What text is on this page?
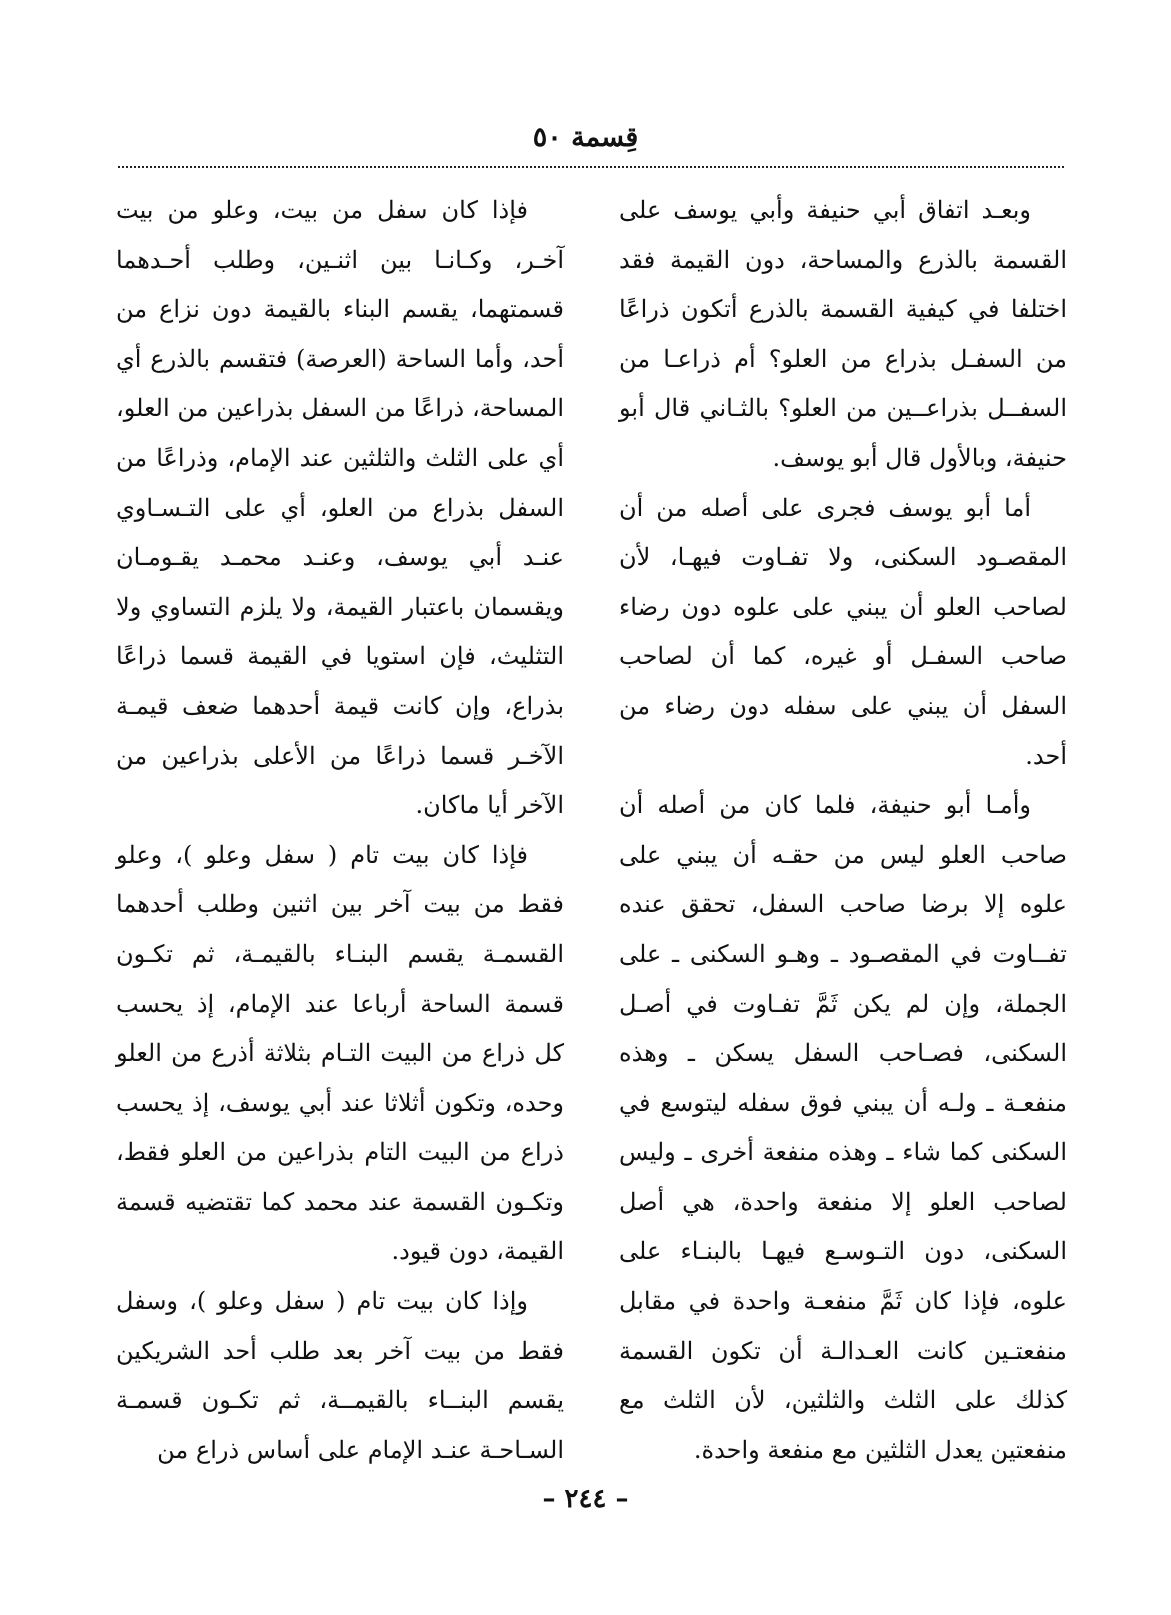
قِسمة ٥٠

وبعـد اتفاق أبي حنيفة وأبي يوسف على القسمة بالذرع والمساحة، دون القيمة فقد اختلفا في كيفية القسمة بالذرع أتكون ذراعًا من السفـل بذراع من العلو؟ أم ذراعـا من السفــل بذراعــين من العلو؟ بالثـاني قال أبو حنيفة، وبالأول قال أبو يوسف.

أما أبو يوسف فجرى على أصله من أن المقصـود السكنى، ولا تفـاوت فيهـا، لأن لصاحب العلو أن يبني على علوه دون رضاء صاحب السفـل أو غيره، كما أن لصاحب السفل أن يبني على سفله دون رضاء من أحد.

وأمـا أبو حنيفة، فلما كان من أصله أن صاحب العلو ليس من حقـه أن يبني على علوه إلا برضا صاحب السفل، تحقق عنده تفــاوت في المقصـود ـ وهـو السكنى ـ على الجملة، وإن لم يكن ثَمَّ تفـاوت في أصـل السكنى، فصـاحب السفل يسكن ـ وهذه منفعـة ـ ولـه أن يبني فوق سفله ليتوسع في السكنى كما شاء ـ وهذه منفعة أخرى ـ وليس لصاحب العلو إلا منفعة واحدة، هي أصل السكنى، دون التـوسـع فيهـا بالبنـاء على علوه، فإذا كان ثَمَّ منفعـة واحدة في مقابل منفعتـين كانت العـدالـة أن تكون القسمة كذلك على الثلث والثلثين، لأن الثلث مع منفعتين يعدل الثلثين مع منفعة واحدة.

فإذا كان سفل من بيت، وعلو من بيت آخـر، وكـانـا بين اثنـين، وطلب أحـدهما قسمتهما، يقسم البناء بالقيمة دون نزاع من أحد، وأما الساحة (العرصة) فتقسم بالذرع أي المساحة، ذراعًا من السفل بذراعين من العلو، أي على الثلث والثلثين عند الإمام، وذراعًا من السفل بذراع من العلو، أي على التـسـاوي عنـد أبي يوسف، وعنـد محمـد يقـومـان ويقسمان باعتبار القيمة، ولا يلزم التساوي ولا التثليث، فإن استويا في القيمة قسما ذراعًا بذراع، وإن كانت قيمة أحدهما ضعف قيمـة الآخـر قسما ذراعًا من الأعلى بذراعين من الآخر أيا ماكان.

فإذا كان بيت تام ( سفل وعلو )، وعلو فقط من بيت آخر بين اثنين وطلب أحدهما القسمـة يقسم البنـاء بالقيمـة، ثم تكـون قسمة الساحة أرباعا عند الإمام، إذ يحسب كل ذراع من البيت التـام بثلاثة أذرع من العلو وحده، وتكون أثلاثا عند أبي يوسف، إذ يحسب ذراع من البيت التام بذراعين من العلو فقط، وتكـون القسمة عند محمد كما تقتضيه قسمة القيمة، دون قيود.

وإذا كان بيت تام ( سفل وعلو )، وسفل فقط من بيت آخر بعد طلب أحد الشريكين يقسم البنــاء بالقيمــة، ثم تكـون قسمـة السـاحـة عنـد الإمام على أساس ذراع من

– ٢٤٤ –
